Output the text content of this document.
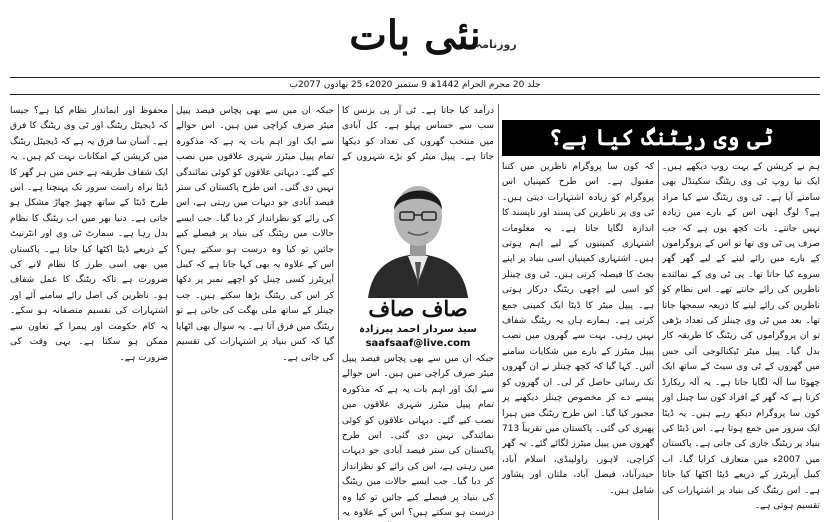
نئی بات
روزنامہ
جلد 20 محرم الحرام 1442ھ 9 ستمبر 2020ء 25 بھادوں 2077ب
ٹی وی ریٹنگ کیا ہے؟

ہم نے کرپشن کے بہت روپ دیکھے ہیں۔ ایک نیا روپ ٹی وی ریٹنگ سکینڈل بھی سامنے آیا ہے۔ ٹی وی ریٹنگ سے کیا مراد ہے؟ لوگ ابھی اس کے بارے میں زیادہ نہیں جانتے۔ بات کچھ یوں ہے کہ جب صرف پی ٹی وی تھا تو اس کے پروگراموں کے بارے میں رائے لینے کے لیے گھر گھر سروے کیا جاتا تھا۔ پی ٹی وی کے نمائندے ناظرین کی رائے جانتے تھے۔ اس نظام کو ناظرین کی رائے لینے کا ذریعہ سمجھا جاتا تھا۔ بعد میں ٹی وی چینلز کی تعداد بڑھی تو ان پروگراموں کی ریٹنگ کا طریقہ کار بدل گیا۔ پیپل میٹر ٹیکنالوجی آئی جس میں گھروں کے ٹی وی سیٹ کے ساتھ ایک چھوٹا سا آلہ لگایا جاتا ہے۔ یہ آلہ ریکارڈ کرتا ہے کہ گھر کے افراد کون سا چینل اور کون سا پروگرام دیکھ رہے ہیں۔ یہ ڈیٹا ایک سرور میں جمع ہوتا ہے۔ اس ڈیٹا کی بنیاد پر ریٹنگ جاری کی جاتی ہے۔ پاکستان میں 2007ء میں متعارف کرایا گیا۔ اب کیبل آپریٹرز کے ذریعے ڈیٹا اکٹھا کیا جاتا ہے۔ اس ریٹنگ کی بنیاد پر اشتہارات کی تقسیم ہوتی ہے۔

کہ کون سا پروگرام ناظرین میں کتنا مقبول ہے۔ اس طرح کمپنیاں اس پروگرام کو زیادہ اشتہارات دیتی ہیں۔ ٹی وی پر ناظرین کی پسند اور ناپسند کا اندازہ لگایا جاتا ہے۔ یہ معلومات اشتہاری کمپنیوں کے لیے اہم ہوتی ہیں۔ اشتہاری کمپنیاں اسی بنیاد پر اپنے بجٹ کا فیصلہ کرتی ہیں۔ ٹی وی چینلز کو اسی لیے اچھی ریٹنگ درکار ہوتی ہے۔ پیپل میٹر کا ڈیٹا ایک کمپنی جمع کرتی ہے۔ ہمارے ہاں یہ ریٹنگ شفاف نہیں رہی۔ بہت سے گھروں میں نصب پیپل میٹرز کے بارے میں شکایات سامنے آئیں۔ کہا گیا کہ کچھ چینلز نے ان گھروں تک رسائی حاصل کر لی۔ ان گھروں کو پیسے دے کر مخصوص چینلز دیکھنے پر مجبور کیا گیا۔ اس طرح ریٹنگ میں ہیرا پھیری کی گئی۔ پاکستان میں تقریباً 713 گھروں میں پیپل میٹرز لگائے گئے۔ یہ گھر کراچی، لاہور، راولپنڈی، اسلام آباد، حیدرآباد، فیصل آباد، ملتان اور پشاور شامل ہیں۔

درآمد کیا جاتا ہے۔ ٹی آر پی بزنس کا سب سے حساس پہلو ہے۔ کل آبادی میں منتخب گھروں کی تعداد کو دیکھا جاتا ہے۔ پیپل میٹر کو بڑے شہروں کے

جبکہ ان میں سے بھی پچاس فیصد پیپل میٹر صرف کراچی میں ہیں۔ اس حوالے سے ایک اور اہم بات یہ ہے کہ مذکورہ تمام پیپل میٹرز شہری علاقوں میں نصب کیے گئے۔ دیہاتی علاقوں کو کوئی نمائندگی نہیں دی گئی۔ اس طرح پاکستان کی ستر فیصد آبادی جو دیہات میں رہتی ہے، اس کی رائے کو نظرانداز کر دیا گیا۔ جب ایسے حالات میں ریٹنگ کی بنیاد پر فیصلے کیے جائیں تو کیا وہ درست ہو سکتے ہیں؟ اس کے علاوہ یہ

جبکہ ان میں سے بھی پچاس فیصد پیپل میٹر صرف کراچی میں ہیں۔ اس حوالے سے ایک اور اہم بات یہ ہے کہ مذکورہ تمام پیپل میٹرز شہری علاقوں میں نصب کیے گئے۔ دیہاتی علاقوں کو کوئی نمائندگی نہیں دی گئی۔ اس طرح پاکستان کی ستر فیصد آبادی جو دیہات میں رہتی ہے، اس کی رائے کو نظرانداز کر دیا گیا۔ جب ایسے حالات میں ریٹنگ کی بنیاد پر فیصلے کیے جائیں تو کیا وہ درست ہو سکتے ہیں؟ اس کے علاوہ یہ بھی کہا جاتا ہے کہ کیبل آپریٹرز کسی چینل کو اچھے نمبر پر دکھا کر اس کی ریٹنگ بڑھا سکتے ہیں۔ جب چینلز کے ساتھ ملی بھگت کی جاتی ہے تو ریٹنگ میں فرق آتا ہے۔ یہ سوال بھی اٹھایا گیا کہ کس بنیاد پر اشتہارات کی تقسیم کی جاتی ہے۔

محفوظ اور ایماندار نظام کیا ہے؟ جیسا کہ ڈیجیٹل ریٹنگ اور ٹی وی ریٹنگ کا فرق ہے۔ آسان سا فرق یہ ہے کہ ڈیجیٹل ریٹنگ میں کرپشن کے امکانات بہت کم ہیں۔ یہ ایک شفاف طریقہ ہے جس میں ہر گھر کا ڈیٹا براہ راست سرور تک پہنچتا ہے۔ اس طرح ڈیٹا کے ساتھ چھیڑ چھاڑ مشکل ہو جاتی ہے۔ دنیا بھر میں اب ریٹنگ کا نظام بدل رہا ہے۔ سمارٹ ٹی وی اور انٹرنیٹ کے ذریعے ڈیٹا اکٹھا کیا جاتا ہے۔ پاکستان میں بھی اسی طرز کا نظام لانے کی ضرورت ہے تاکہ ریٹنگ کا عمل شفاف ہو۔ ناظرین کی اصل رائے سامنے آئے اور اشتہارات کی تقسیم منصفانہ ہو سکے۔ یہ کام حکومت اور پیمرا کے تعاون سے ممکن ہو سکتا ہے۔ یہی وقت کی ضرورت ہے۔

صاف صاف
سید سردار احمد پیرزادہ
saafsaaf@live.com
